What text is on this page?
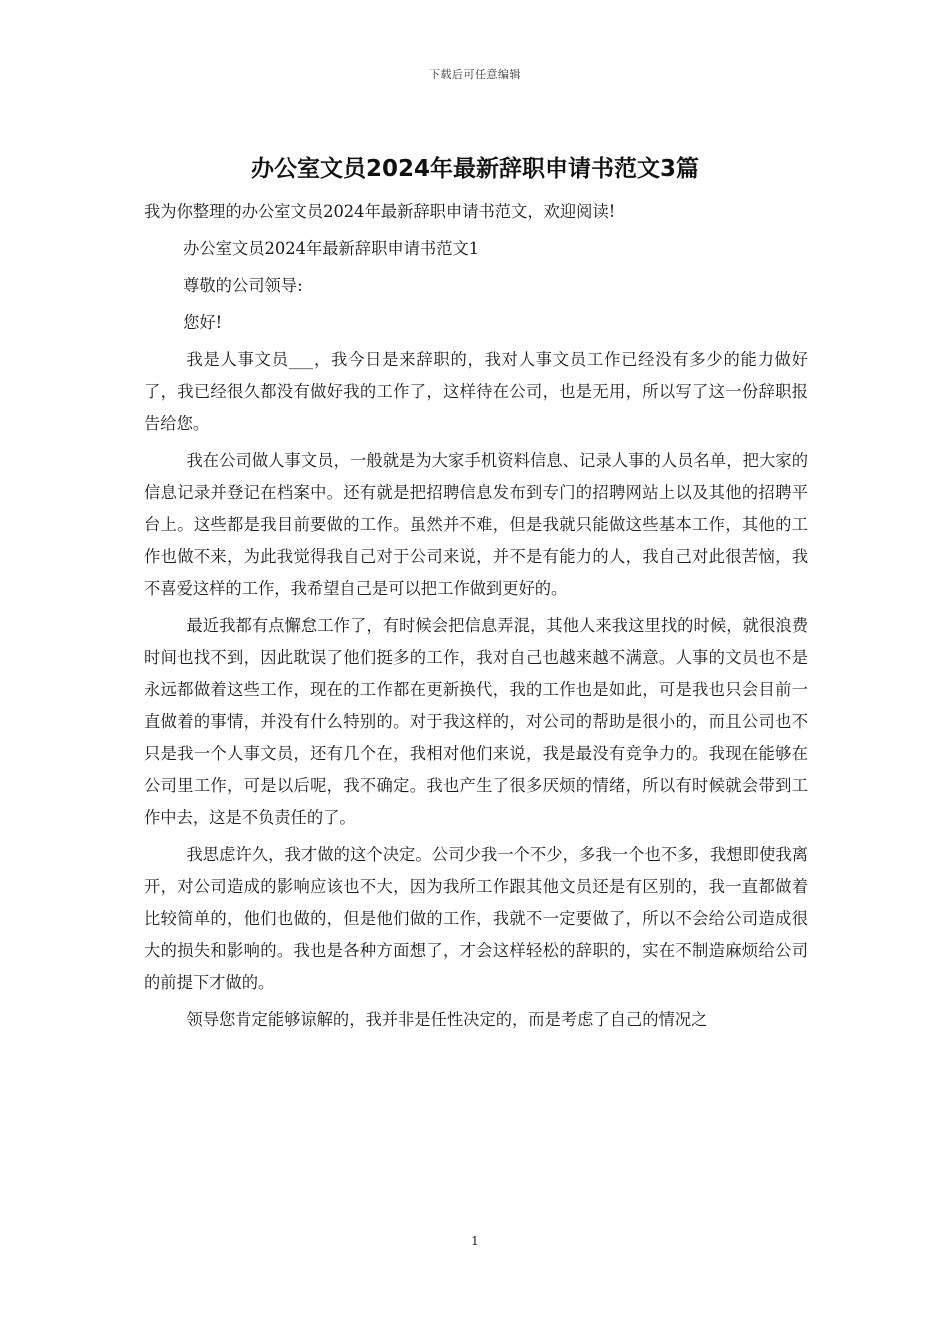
下载后可任意编辑
办公室文员2024年最新辞职申请书范文3篇

我为你整理的办公室文员2024年最新辞职申请书范文，欢迎阅读!

办公室文员2024年最新辞职申请书范文1

尊敬的公司领导:

您好!

我是人事文员___，我今日是来辞职的，我对人事文员工作已经没有多少的能力做好了，我已经很久都没有做好我的工作了，这样待在公司，也是无用，所以写了这一份辞职报告给您。

我在公司做人事文员，一般就是为大家手机资料信息、记录人事的人员名单，把大家的信息记录并登记在档案中。还有就是把招聘信息发布到专门的招聘网站上以及其他的招聘平台上。这些都是我目前要做的工作。虽然并不难，但是我就只能做这些基本工作，其他的工作也做不来，为此我觉得我自己对于公司来说，并不是有能力的人，我自己对此很苦恼，我不喜爱这样的工作，我希望自己是可以把工作做到更好的。

最近我都有点懈怠工作了，有时候会把信息弄混，其他人来我这里找的时候，就很浪费时间也找不到，因此耽误了他们挺多的工作，我对自己也越来越不满意。人事的文员也不是永远都做着这些工作，现在的工作都在更新换代，我的工作也是如此，可是我也只会目前一直做着的事情，并没有什么特别的。对于我这样的，对公司的帮助是很小的，而且公司也不只是我一个人事文员，还有几个在，我相对他们来说，我是最没有竞争力的。我现在能够在公司里工作，可是以后呢，我不确定。我也产生了很多厌烦的情绪，所以有时候就会带到工作中去，这是不负责任的了。

我思虑许久，我才做的这个决定。公司少我一个不少，多我一个也不多，我想即使我离开，对公司造成的影响应该也不大，因为我所工作跟其他文员还是有区别的，我一直都做着比较简单的，他们也做的，但是他们做的工作，我就不一定要做了，所以不会给公司造成很大的损失和影响的。我也是各种方面想了，才会这样轻松的辞职的，实在不制造麻烦给公司的前提下才做的。

领导您肯定能够谅解的，我并非是任性决定的，而是考虑了自己的情况之

1
